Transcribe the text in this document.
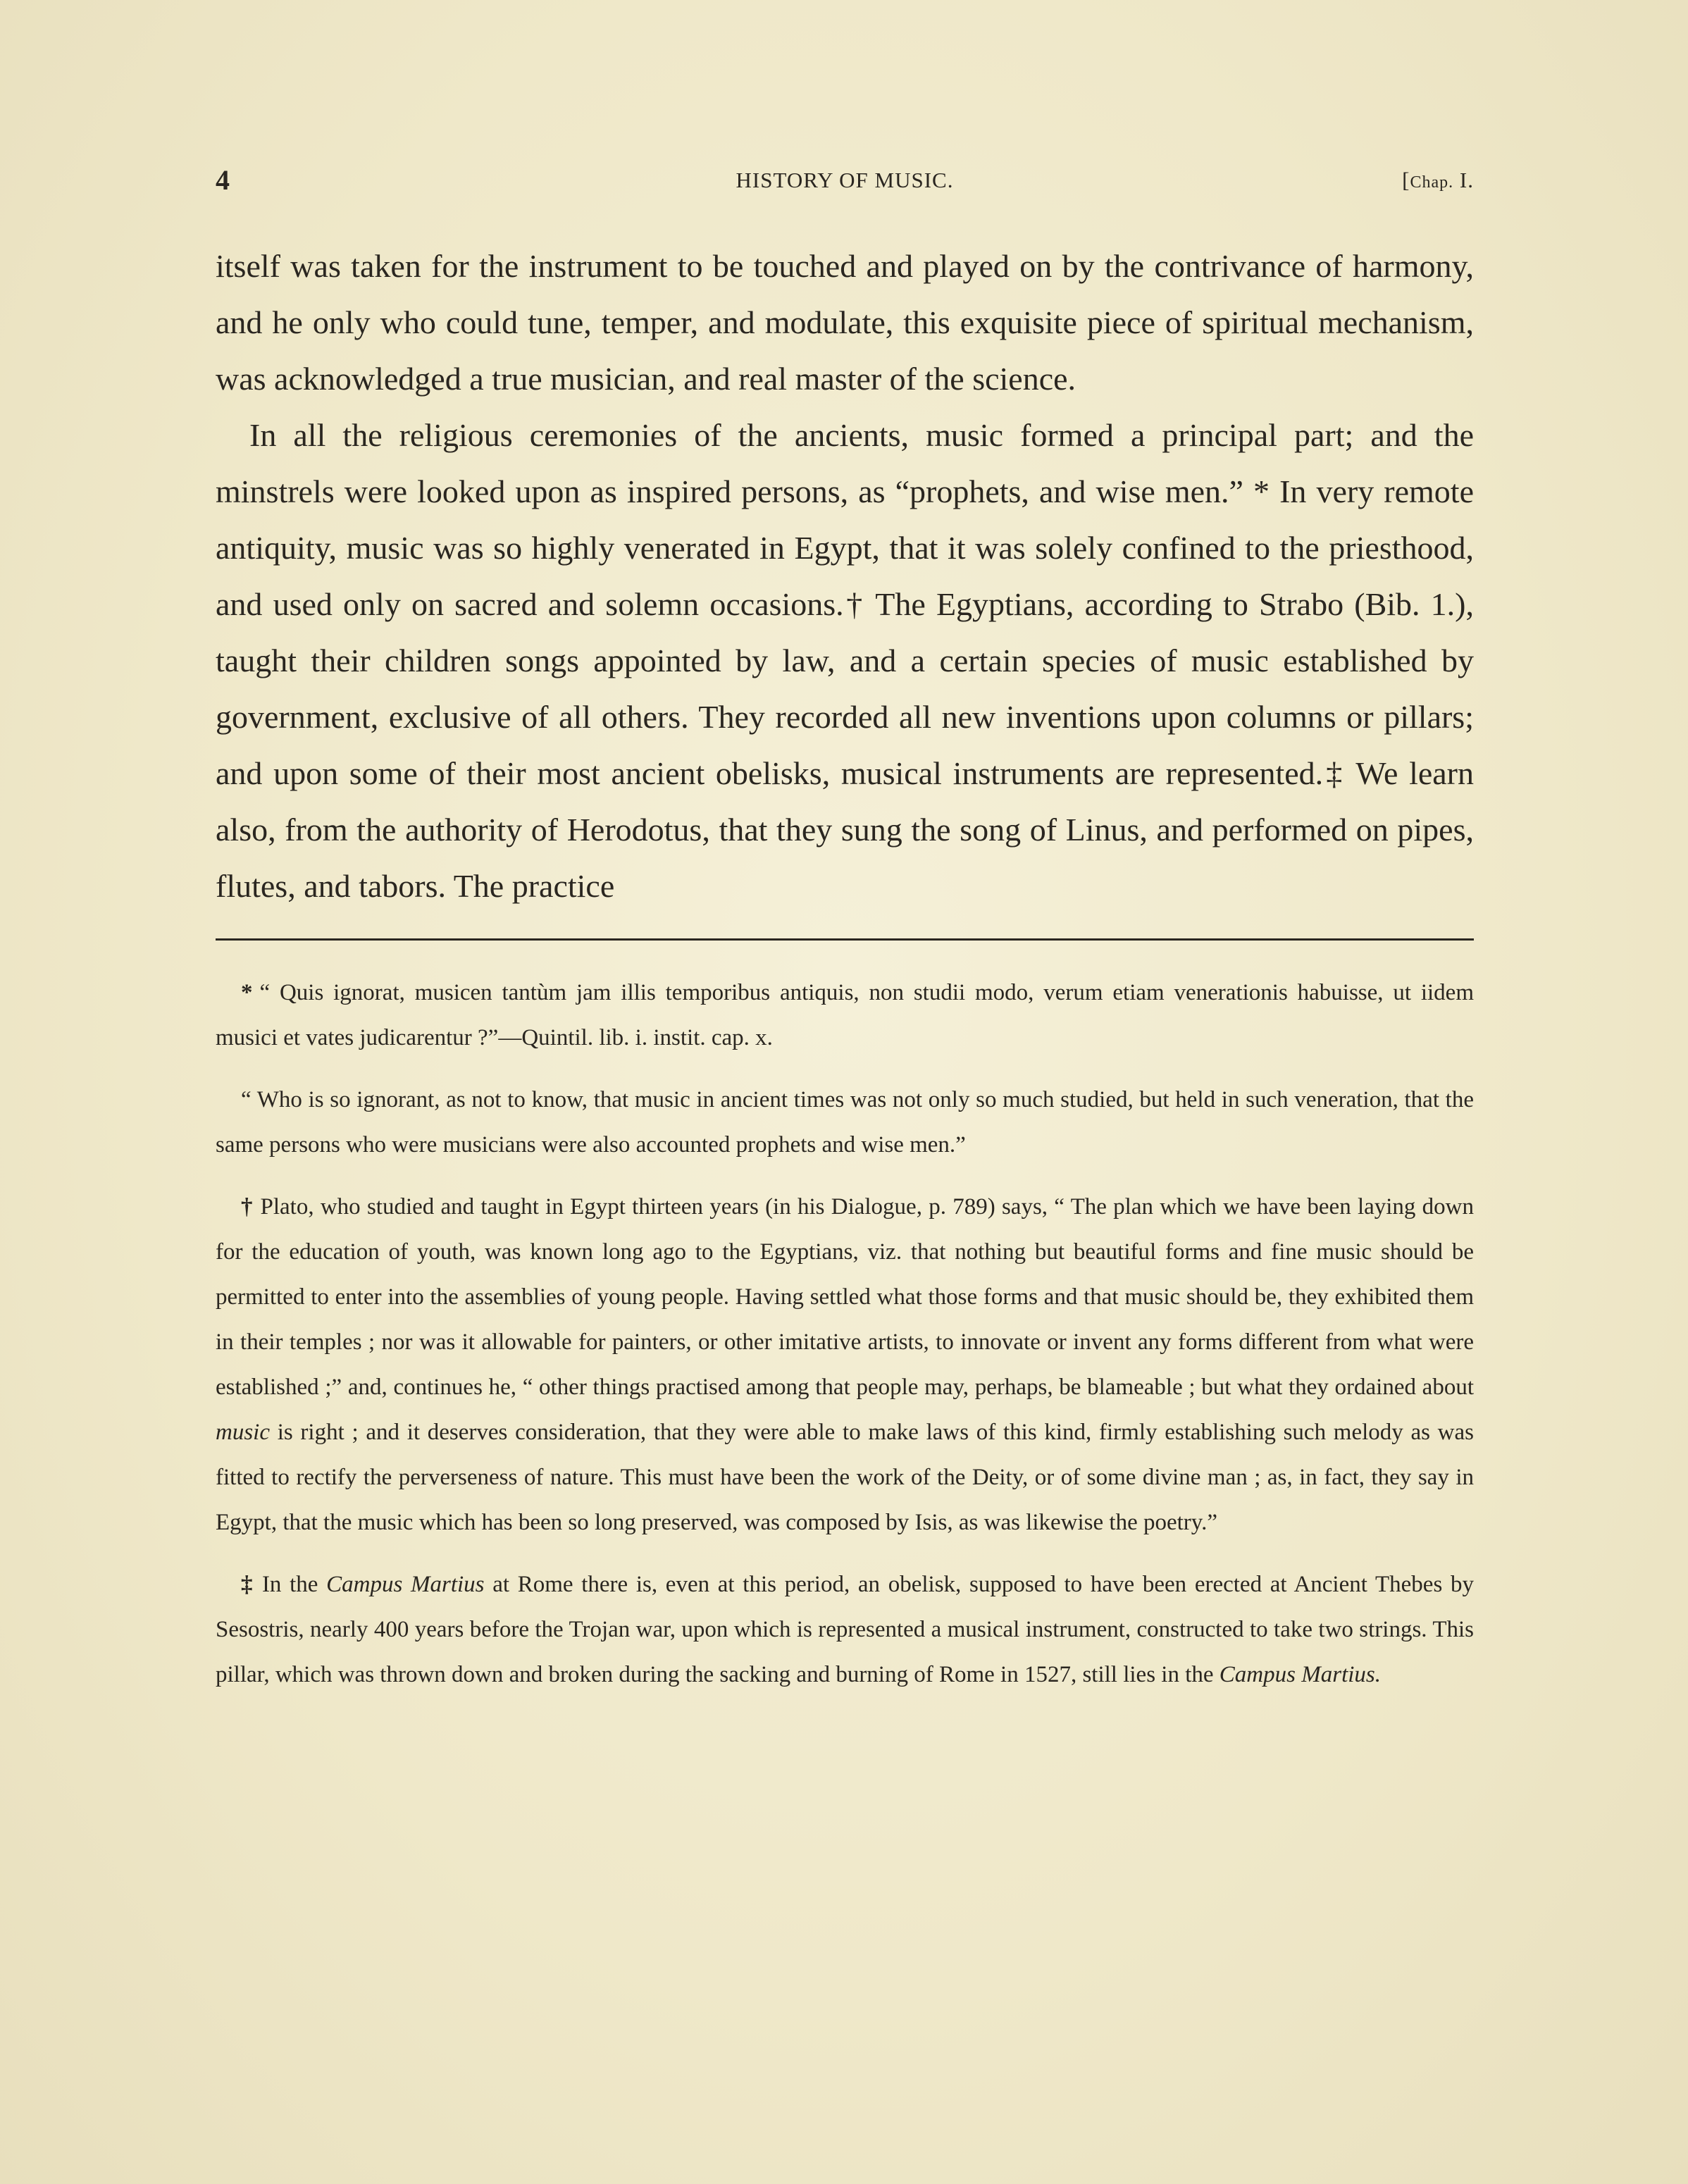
4	HISTORY OF MUSIC.	[Chap. I.

itself was taken for the instrument to be touched and played on by the contrivance of harmony, and he only who could tune, temper, and modulate, this exquisite piece of spiritual mechanism, was acknowledged a true musician, and real master of the science.

In all the religious ceremonies of the ancients, music formed a principal part; and the minstrels were looked upon as inspired persons, as “prophets, and wise men.” * In very remote antiquity, music was so highly venerated in Egypt, that it was solely confined to the priesthood, and used only on sacred and solemn occasions.† The Egyptians, according to Strabo (Bib. 1.), taught their children songs appointed by law, and a certain species of music established by government, exclusive of all others. They recorded all new inventions upon columns or pillars; and upon some of their most ancient obelisks, musical instruments are represented.‡ We learn also, from the authority of Herodotus, that they sung the song of Linus, and performed on pipes, flutes, and tabors. The practice

* “ Quis ignorat, musicen tantùm jam illis temporibus antiquis, non studii modo, verum etiam venerationis habuisse, ut iidem musici et vates judicarentur ?”—Quintil. lib. i. instit. cap. x.

“ Who is so ignorant, as not to know, that music in ancient times was not only so much studied, but held in such veneration, that the same persons who were musicians were also accounted prophets and wise men.”

† Plato, who studied and taught in Egypt thirteen years (in his Dialogue, p. 789) says, “ The plan which we have been laying down for the education of youth, was known long ago to the Egyptians, viz. that nothing but beautiful forms and fine music should be permitted to enter into the assemblies of young people. Having settled what those forms and that music should be, they exhibited them in their temples ; nor was it allowable for painters, or other imitative artists, to innovate or invent any forms different from what were established ;” and, continues he, “ other things practised among that people may, perhaps, be blameable ; but what they ordained about music is right ; and it deserves consideration, that they were able to make laws of this kind, firmly establishing such melody as was fitted to rectify the perverseness of nature. This must have been the work of the Deity, or of some divine man ; as, in fact, they say in Egypt, that the music which has been so long preserved, was composed by Isis, as was likewise the poetry.”

‡ In the Campus Martius at Rome there is, even at this period, an obelisk, supposed to have been erected at Ancient Thebes by Sesostris, nearly 400 years before the Trojan war, upon which is represented a musical instrument, constructed to take two strings. This pillar, which was thrown down and broken during the sacking and burning of Rome in 1527, still lies in the Campus Martius.
